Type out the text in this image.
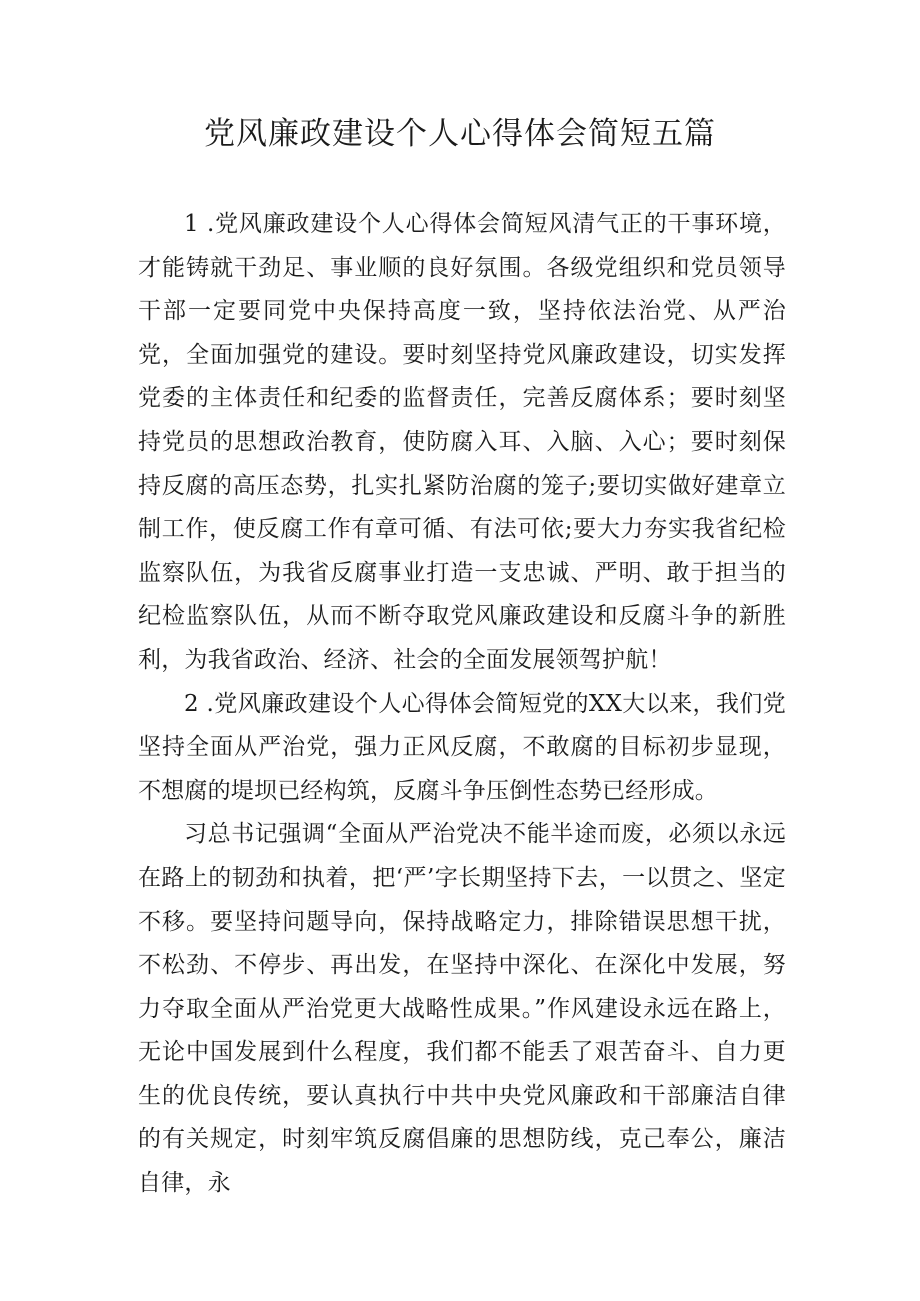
党风廉政建设个人心得体会简短五篇

1 .党风廉政建设个人心得体会简短风清气正的干事环境，才能铸就干劲足、事业顺的良好氛围。各级党组织和党员领导干部一定要同党中央保持高度一致，坚持依法治党、从严治党，全面加强党的建设。要时刻坚持党风廉政建设，切实发挥党委的主体责任和纪委的监督责任，完善反腐体系；要时刻坚持党员的思想政治教育，使防腐入耳、入脑、入心；要时刻保持反腐的高压态势，扎实扎紧防治腐的笼子;要切实做好建章立制工作，使反腐工作有章可循、有法可依;要大力夯实我省纪检监察队伍，为我省反腐事业打造一支忠诚、严明、敢于担当的纪检监察队伍，从而不断夺取党风廉政建设和反腐斗争的新胜利，为我省政治、经济、社会的全面发展领驾护航！

2 .党风廉政建设个人心得体会简短党的XX大以来，我们党坚持全面从严治党，强力正风反腐，不敢腐的目标初步显现，不想腐的堤坝已经构筑，反腐斗争压倒性态势已经形成。

习总书记强调“全面从严治党决不能半途而废，必须以永远在路上的韧劲和执着，把‘严’字长期坚持下去，一以贯之、坚定不移。要坚持问题导向，保持战略定力，排除错误思想干扰，不松劲、不停步、再出发，在坚持中深化、在深化中发展，努力夺取全面从严治党更大战略性成果。”作风建设永远在路上，无论中国发展到什么程度，我们都不能丢了艰苦奋斗、自力更生的优良传统，要认真执行中共中央党风廉政和干部廉洁自律的有关规定，时刻牢筑反腐倡廉的思想防线，克己奉公，廉洁自律，永
